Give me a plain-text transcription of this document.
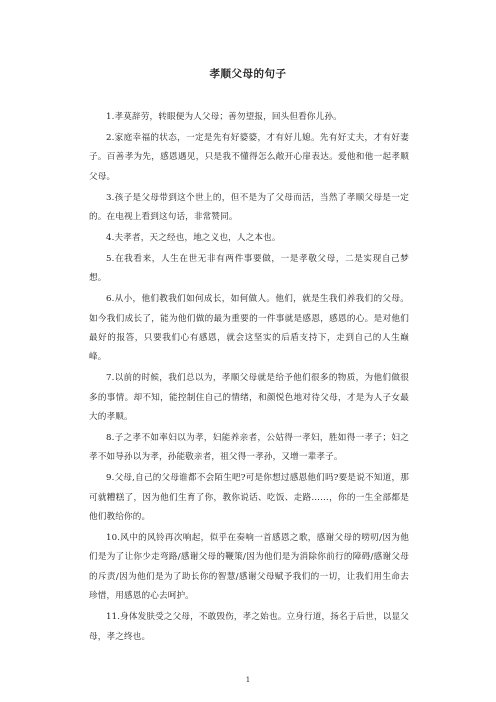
孝顺父母的句子

1.孝莫辞劳，转眼便为人父母；善勿望报，回头但看你儿孙。

2.家庭幸福的状态，一定是先有好婆婆，才有好儿媳。先有好丈夫，才有好妻子。百善孝为先，感恩遇见，只是我不懂得怎么敞开心扉表达。爱他和他一起孝顺父母。

3.孩子是父母带到这个世上的，但不是为了父母而活，当然了孝顺父母是一定的。在电视上看到这句话，非常赞同。

4.夫孝者，天之经也，地之义也，人之本也。

5.在我看来，人生在世无非有两件事要做，一是孝敬父母，二是实现自己梦想。

6.从小，他们教我们如何成长，如何做人。他们，就是生我们养我们的父母。如今我们成长了，能为他们做的最为重要的一件事就是感恩，感恩的心。是对他们最好的报答，只要我们心有感恩，就会这坚实的后盾支持下，走到自己的人生巅峰。

7.以前的时候，我们总以为，孝顺父母就是给予他们很多的物质，为他们做很多的事情。却不知，能控制住自己的情绪，和颜悦色地对待父母，才是为人子女最大的孝顺。

8.子之孝不如率妇以为孝，妇能养亲者，公姑得一孝妇，胜如得一孝子；妇之孝不如导孙以为孝，孙能敬亲者，祖父得一孝孙，又增一辈孝子。

9.父母,自己的父母谁都不会陌生吧?可是你想过感恩他们吗?要是说不知道，那可就糟糕了，因为他们生育了你，教你说话、吃饭、走路……，你的一生全部都是他们教给你的。

10.风中的风铃再次响起，似乎在奏响一首感恩之歌，感谢父母的唠叨/因为他们是为了让你少走弯路/感谢父母的鞭策/因为他们是为消除你前行的障碍/感谢父母的斥责/因为他们是为了助长你的智慧/感谢父母赋予我们的一切，让我们用生命去珍惜，用感恩的心去呵护。

11.身体发肤受之父母，不敢毁伤，孝之始也。立身行道，扬名于后世，以显父母，孝之终也。

1
